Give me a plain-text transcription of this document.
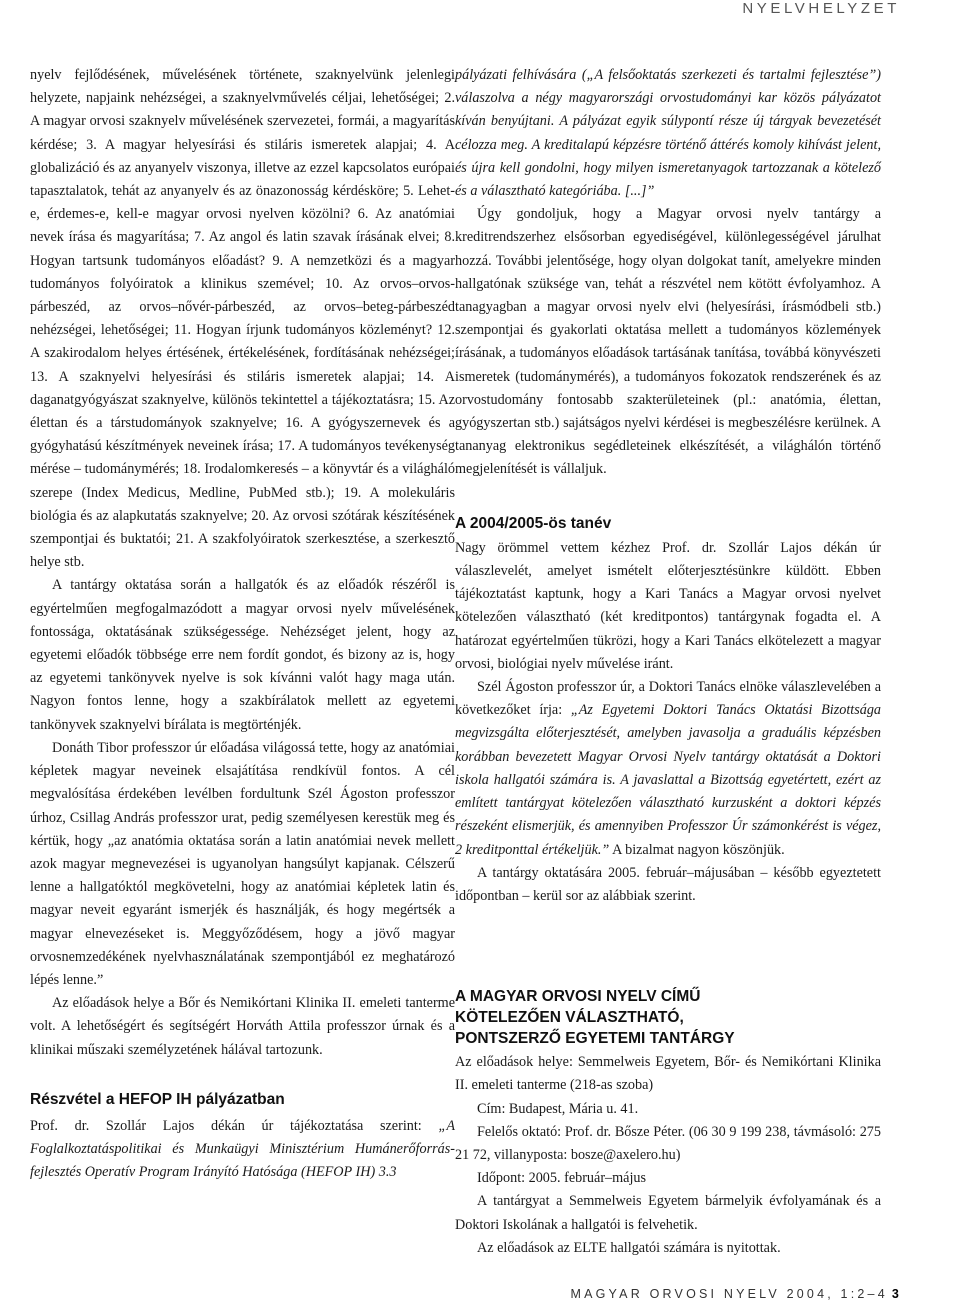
NYELVHELYZET

nyelv fejlődésének, művelésének története, szaknyelvünk jelenlegi helyzete, napjaink nehézségei, a szaknyelvművelés céljai, lehetőségei; 2. A magyar orvosi szaknyelv művelésének szervezetei, formái, a magyarítás kérdése; 3. A magyar helyesírási és stiláris ismeretek alapjai; 4. A globalizáció és az anyanyelv viszonya, illetve az ezzel kapcsolatos európai tapasztalatok, tehát az anyanyelv és az önazonosság kérdésköre; 5. Lehet-e, érdemes-e, kell-e magyar orvosi nyelven közölni? 6. Az anatómiai nevek írása és magyarítása; 7. Az angol és latin szavak írásának elvei; 8. Hogyan tartsunk tudományos előadást? 9. A nemzetközi és a magyar tudományos folyóiratok a klinikus szemével; 10. Az orvos–orvos-párbeszéd, az orvos–nővér-párbeszéd, az orvos–beteg-párbeszéd nehézségei, lehetőségei; 11. Hogyan írjunk tudományos közleményt? 12. A szakirodalom helyes értésének, értékelésének, fordításának nehézségei; 13. A szaknyelvi helyesírási és stiláris ismeretek alapjai; 14. A daganatgyógyászat szaknyelve, különös tekintettel a tájékoztatásra; 15. Az élettan és a társtudományok szaknyelve; 16. A gyógyszernevek és a gyógyhatású készítmények neveinek írása; 17. A tudományos tevékenység mérése – tudománymérés; 18. Irodalomkeresés – a könyvtár és a világháló szerepe (Index Medicus, Medline, PubMed stb.); 19. A molekuláris biológia és az alapkutatás szaknyelve; 20. Az orvosi szótárak készítésének szempontjai és buktatói; 21. A szakfolyóiratok szerkesztése, a szerkesztő helye stb.

A tantárgy oktatása során a hallgatók és az előadók részéről is egyértelműen megfogalmazódott a magyar orvosi nyelv művelésének fontossága, oktatásának szükségessége. Nehézséget jelent, hogy az egyetemi előadók többsége erre nem fordít gondot, és bizony az is, hogy az egyetemi tankönyvek nyelve is sok kívánni valót hagy maga után. Nagyon fontos lenne, hogy a szakbírálatok mellett az egyetemi tankönyvek szaknyelvi bírálata is megtörténjék.

Donáth Tibor professzor úr előadása világossá tette, hogy az anatómiai képletek magyar neveinek elsajátítása rendkívül fontos. A cél megvalósítása érdekében levélben fordultunk Szél Ágoston professzor úrhoz, Csillag András professzor urat, pedig személyesen kerestük meg és kértük, hogy „az anatómia oktatása során a latin anatómiai nevek mellett azok magyar megnevezései is ugyanolyan hangsúlyt kapjanak. Célszerű lenne a hallgatóktól megkövetelni, hogy az anatómiai képletek latin és magyar neveit egyaránt ismerjék és használják, és hogy megértsék a magyar elnevezéseket is. Meggyőződésem, hogy a jövő magyar orvosnemzedékének nyelvhasználatának szempontjából ez meghatározó lépés lenne.”

Az előadások helye a Bőr és Nemikórtani Klinika II. emeleti tanterme volt. A lehetőségért és segítségért Horváth Attila professzor úrnak és a klinikai műszaki személyzetének hálával tartozunk.

Részvétel a HEFOP IH pályázatban

Prof. dr. Szollár Lajos dékán úr tájékoztatása szerint: „A Foglalkoztatáspolitikai és Munkaügyi Minisztérium Humánerőforrás-fejlesztés Operatív Program Irányító Hatósága (HEFOP IH) 3.3

pályázati felhívására („A felsőoktatás szerkezeti és tartalmi fejlesztése”) válaszolva a négy magyarországi orvostudományi kar közös pályázatot kíván benyújtani. A pályázat egyik súlypontí része új tárgyak bevezetését célozza meg. A kreditalapú képzésre történő áttérés komoly kihívást jelent, és újra kell gondolni, hogy milyen ismeretanyagok tartozzanak a kötelező és a választható kategóriába. [...]”

Úgy gondoljuk, hogy a Magyar orvosi nyelv tantárgy a kreditrendszerhez elsősorban egyediségével, különlegességével járulhat hozzá. További jelentősége, hogy olyan dolgokat tanít, amelyekre minden hallgatónak szüksége van, tehát a részvétel nem kötött évfolyamhoz. A tanagyagban a magyar orvosi nyelv elvi (helyesírási, írásmódbeli stb.) szempontjai és gyakorlati oktatása mellett a tudományos közlemények írásának, a tudományos előadások tartásának tanítása, továbbá könyvészeti ismeretek (tudománymérés), a tudományos fokozatok rendszerének és az orvostudomány fontosabb szakterületeinek (pl.: anatómia, élettan, gyógyszertan stb.) sajátságos nyelvi kérdései is megbeszélésre kerülnek. A tananyag elektronikus segédleteinek elkészítését, a világhálón történő megjelenítését is vállaljuk.

A 2004/2005-ös tanév

Nagy örömmel vettem kézhez Prof. dr. Szollár Lajos dékán úr válaszlevelét, amelyet ismételt előterjesztésünkre küldött. Ebben tájékoztatást kaptunk, hogy a Kari Tanács a Magyar orvosi nyelvet kötelezően választható (két kreditpontos) tantárgynak fogadta el. A határozat egyértelműen tükrözi, hogy a Kari Tanács elkötelezett a magyar orvosi, biológiai nyelv művelése iránt.

Szél Ágoston professzor úr, a Doktori Tanács elnöke válaszlevelében a következőket írja: „Az Egyetemi Doktori Tanács Oktatási Bizottsága megvizsgálta előterjesztését, amelyben javasolja a graduális képzésben korábban bevezetett Magyar Orvosi Nyelv tantárgy oktatását a Doktori iskola hallgatói számára is. A javaslattal a Bizottság egyetértett, ezért az említett tantárgyat kötelezően választható kurzusként a doktori képzés részeként elismerjük, és amennyiben Professzor Úr számonkérést is végez, 2 kreditponttal értékeljük.” A bizalmat nagyon köszönjük.

A tantárgy oktatására 2005. február–májusában – később egyeztetett időpontban – kerül sor az alábbiak szerint.

A MAGYAR ORVOSI NYELV CÍMŰ
KÖTELEZŐEN VÁLASZTHATÓ,
PONTSZERZŐ EGYETEMI TANTÁRGY

Az előadások helye: Semmelweis Egyetem, Bőr- és Nemikórtani Klinika II. emeleti tanterme (218-as szoba)

Cím: Budapest, Mária u. 41.

Felelős oktató: Prof. dr. Bősze Péter. (06 30 9 199 238, távmásoló: 275 21 72, villanyposta: bosze@axelero.hu)

Időpont: 2005. február–május

A tantárgyat a Semmelweis Egyetem bármelyik évfolyamának és a Doktori Iskolának a hallgatói is felvehetik.

Az előadások az ELTE hallgatói számára is nyitottak.

MAGYAR ORVOSI NYELV 2004, 1:2–4 3
